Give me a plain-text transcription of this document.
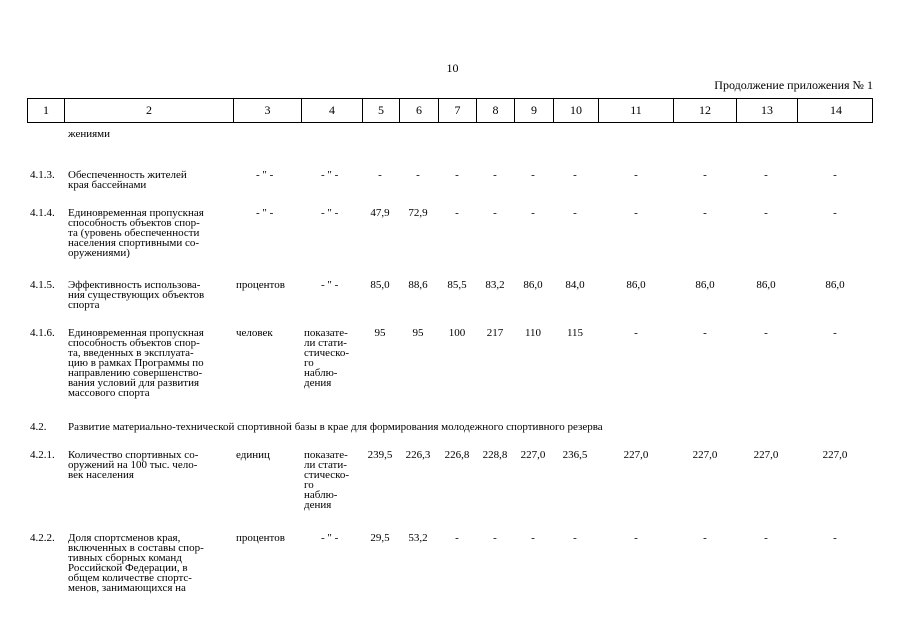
10
Продолжение приложения № 1
1	2	3	4	5	6	7	8	9	10	11	12	13	14
жениями
4.1.3. Обеспеченность жителей
края бассейнами
- " -	- " -	-	-	-	-	-	-	-	-	-	-
4.1.4. Единовременная пропускная
способность объектов спор-
та (уровень обеспеченности
населения спортивными со-
оружениями)
- " -	- " -	47,9	72,9	-	-	-	-	-	-	-	-
4.1.5. Эффективность использова-
ния существующих объектов
спорта
процентов	- " -	85,0	88,6	85,5	83,2	86,0	84,0	86,0	86,0	86,0	86,0
4.1.6. Единовременная пропускная
способность объектов спор-
та, введенных в эксплуата-
цию в рамках Программы по
направлению совершенство-
вания условий для развития
массового спорта
человек	показате-
ли стати-
стическо-
го
наблю-
дения
95	95	100	217	110	115	-	-	-	-
4.2. Развитие материально-технической спортивной базы в крае для формирования молодежного спортивного резерва
4.2.1. Количество спортивных со-
оружений на 100 тыс. чело-
век населения
единиц	показате-
ли стати-
стическо-
го
наблю-
дения
239,5	226,3	226,8	228,8	227,0	236,5	227,0	227,0	227,0	227,0
4.2.2. Доля спортсменов края,
включенных в составы спор-
тивных сборных команд
Российской Федерации, в
общем количестве спортс-
менов, занимающихся на
процентов	- " -	29,5	53,2	-	-	-	-	-	-	-	-
